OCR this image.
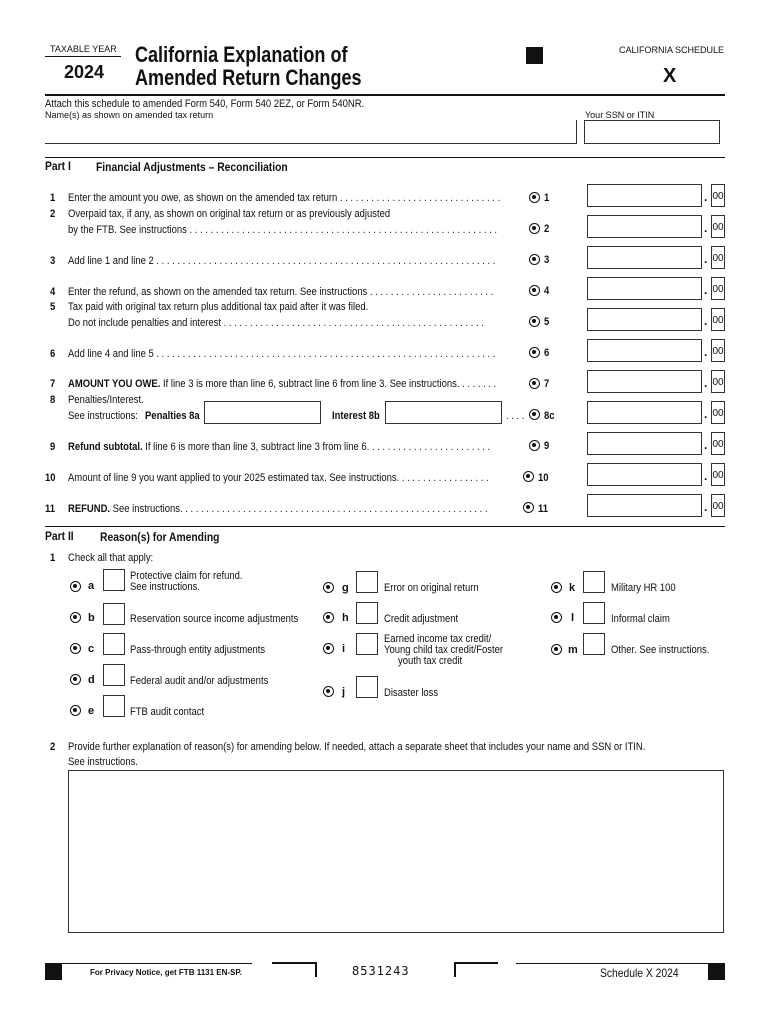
TAXABLE YEAR
2024
California Explanation of
Amended Return Changes
CALIFORNIA SCHEDULE
X
Attach this schedule to amended Form 540, Form 540 2EZ, or Form 540NR.
Name(s) as shown on amended tax return	Your SSN or ITIN
Part I Financial Adjustments – Reconciliation
1 Enter the amount you owe, as shown on the amended tax return . . . . . . . . . . . . . . . . . . . . . . . . . . . . . . .	1	. 00
2 Overpaid tax, if any, as shown on original tax return or as previously adjusted
by the FTB. See instructions . . . . . . . . . . . . . . . . . . . . . . . . . . . . . . . . . . . . . . . . . . . . . . . . . . . . . . . . . . .	2	. 00
3 Add line 1 and line 2 . . . . . . . . . . . . . . . . . . . . . . . . . . . . . . . . . . . . . . . . . . . . . . . . . . . . . . . . . . . . . . . . .	3	. 00
4 Enter the refund, as shown on the amended tax return. See instructions . . . . . . . . . . . . . . . . . . . . . . . .	4	. 00
5 Tax paid with original tax return plus additional tax paid after it was filed.
Do not include penalties and interest . . . . . . . . . . . . . . . . . . . . . . . . . . . . . . . . . . . . . . . . . . . . . . . . . .	5	. 00
6 Add line 4 and line 5 . . . . . . . . . . . . . . . . . . . . . . . . . . . . . . . . . . . . . . . . . . . . . . . . . . . . . . . . . . . . . . . . .	6	. 00
7 AMOUNT YOU OWE. If line 3 is more than line 6, subtract line 6 from line 3. See instructions. . . . . . . .	7	. 00
8 Penalties/Interest.
See instructions: Penalties 8a	Interest 8b	. . . . 8c	. 00
9 Refund subtotal. If line 6 is more than line 3, subtract line 3 from line 6. . . . . . . . . . . . . . . . . . . . . . . .	9	. 00
10 Amount of line 9 you want applied to your 2025 estimated tax. See instructions. . . . . . . . . . . . . . . . . .	10	. 00
11 REFUND. See instructions. . . . . . . . . . . . . . . . . . . . . . . . . . . . . . . . . . . . . . . . . . . . . . . . . . . . . . . . . . .	11	. 00
Part II Reason(s) for Amending
1 Check all that apply:
a
Protective claim for refund.
See instructions.
b	Reservation source income adjustments
c	Pass-through entity adjustments
d	Federal audit and/or adjustments
e	FTB audit contact
g	Error on original return
h	Credit adjustment
i
Earned income tax credit/
Young child tax credit/Foster
youth tax credit
j	Disaster loss
k	Military HR 100
l	Informal claim
m	Other. See instructions.
2 Provide further explanation of reason(s) for amending below. If needed, attach a separate sheet that includes your name and SSN or ITIN.
See instructions.
For Privacy Notice, get FTB 1131 EN-SP.	8531243	Schedule X 2024
